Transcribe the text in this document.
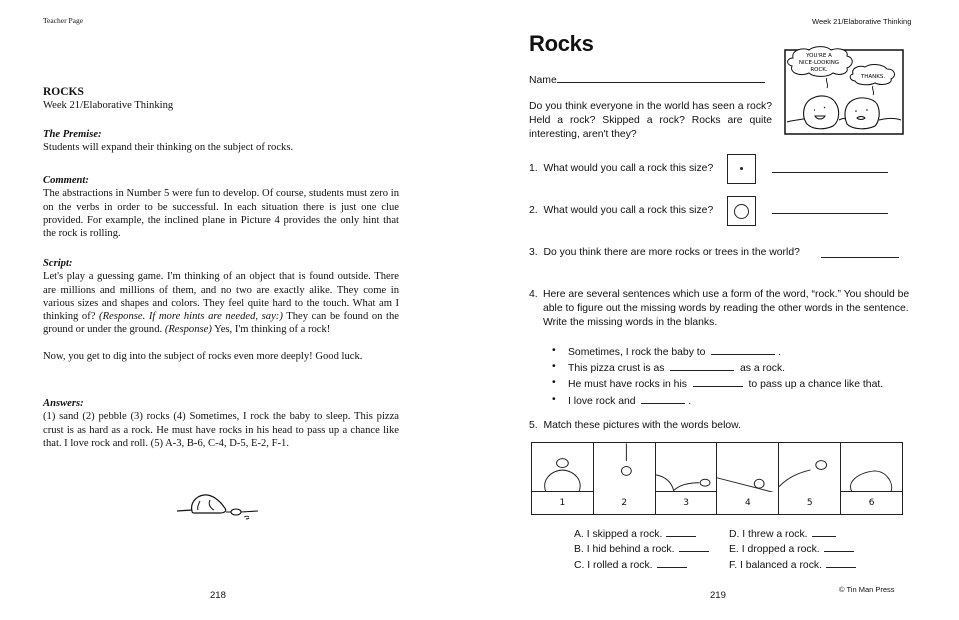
Teacher Page
ROCKS
Week 21/Elaborative Thinking
The Premise:
Students will expand their thinking on the subject of rocks.
Comment:
The abstractions in Number 5 were fun to develop. Of course, students must zero in on the verbs in order to be successful. In each situation there is just one clue provided. For example, the inclined plane in Picture 4 provides the only hint that the rock is rolling.
Script:
Let's play a guessing game. I'm thinking of an object that is found outside. There are millions and millions of them, and no two are exactly alike. They come in various sizes and shapes and colors. They feel quite hard to the touch. What am I thinking of? (Response. If more hints are needed, say:) They can be found on the ground or under the ground. (Response) Yes, I'm thinking of a rock!
Now, you get to dig into the subject of rocks even more deeply! Good luck.
Answers:
(1) sand (2) pebble (3) rocks (4) Sometimes, I rock the baby to sleep. This pizza crust is as hard as a rock. He must have rocks in his head to pass up a chance like that. I love rock and roll. (5) A-3, B-6, C-4, D-5, E-2, F-1.
218
Week 21/Elaborative Thinking
Rocks
Name
Do you think everyone in the world has seen a rock? Held a rock? Skipped a rock? Rocks are quite interesting, aren't they?
YOU'RE A
NICE-LOOKING
ROCK.
THANKS.
1. What would you call a rock this size?
2. What would you call a rock this size?
3. Do you think there are more rocks or trees in the world?
4. Here are several sentences which use a form of the word, “rock.” You should be able to figure out the missing words by reading the other words in the sentence. Write the missing words in the blanks.
• Sometimes, I rock the baby to	.
• This pizza crust is as	as a rock.
• He must have rocks in his	to pass up a chance like that.
• I love rock and	.
5. Match these pictures with the words below.
1	2	3	4	5	6
A. I skipped a rock.
B. I hid behind a rock.
C. I rolled a rock.
D. I threw a rock.
E. I dropped a rock.
F. I balanced a rock.
219
© Tin Man Press
